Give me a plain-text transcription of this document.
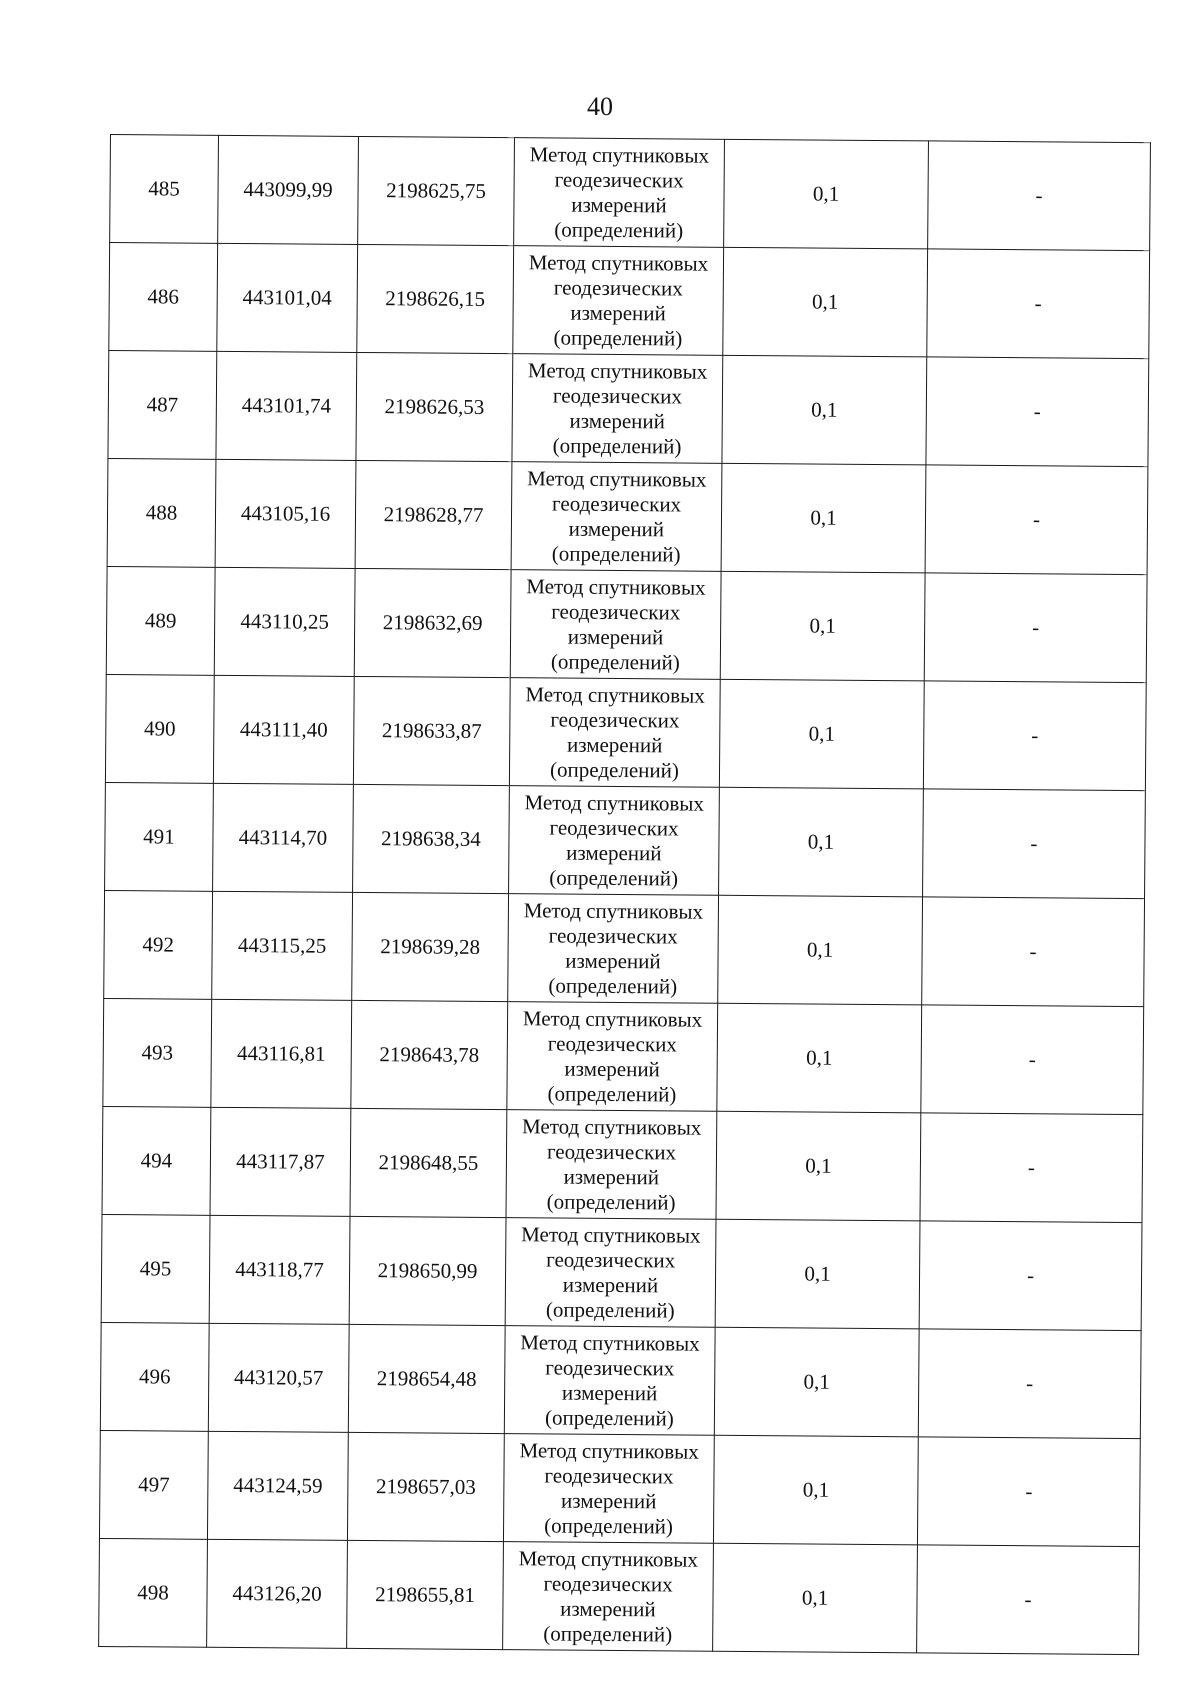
40
485	443099,99	2198625,75	Метод спутниковых
геодезических
измерений
(определений)	0,1	-
486	443101,04	2198626,15	Метод спутниковых
геодезических
измерений
(определений)	0,1	-
487	443101,74	2198626,53	Метод спутниковых
геодезических
измерений
(определений)	0,1	-
488	443105,16	2198628,77	Метод спутниковых
геодезических
измерений
(определений)	0,1	-
489	443110,25	2198632,69	Метод спутниковых
геодезических
измерений
(определений)	0,1	-
490	443111,40	2198633,87	Метод спутниковых
геодезических
измерений
(определений)	0,1	-
491	443114,70	2198638,34	Метод спутниковых
геодезических
измерений
(определений)	0,1	-
492	443115,25	2198639,28	Метод спутниковых
геодезических
измерений
(определений)	0,1	-
493	443116,81	2198643,78	Метод спутниковых
геодезических
измерений
(определений)	0,1	-
494	443117,87	2198648,55	Метод спутниковых
геодезических
измерений
(определений)	0,1	-
495	443118,77	2198650,99	Метод спутниковых
геодезических
измерений
(определений)	0,1	-
496	443120,57	2198654,48	Метод спутниковых
геодезических
измерений
(определений)	0,1	-
497	443124,59	2198657,03	Метод спутниковых
геодезических
измерений
(определений)	0,1	-
498	443126,20	2198655,81	Метод спутниковых
геодезических
измерений
(определений)	0,1	-
